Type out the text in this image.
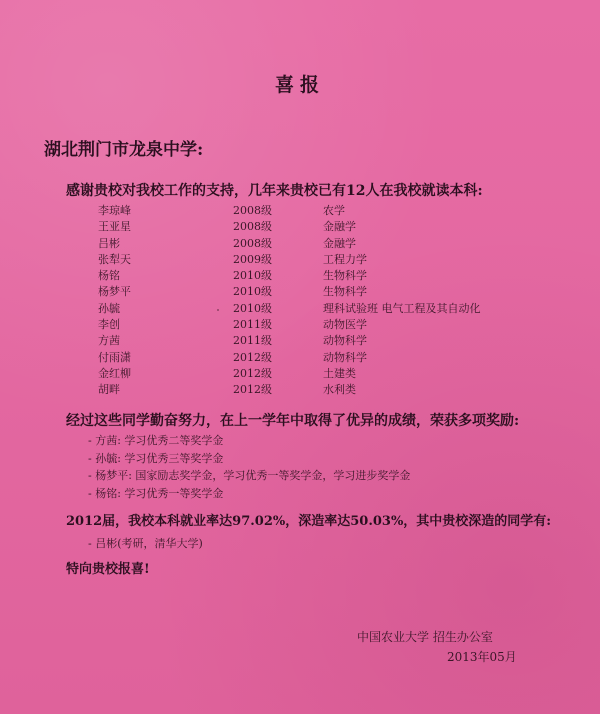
喜报
湖北荆门市龙泉中学:
感谢贵校对我校工作的支持，几年来贵校已有12人在我校就读本科:
李琼峰	2008级	农学
王亚星	2008级	金融学
吕彬	2008级	金融学
张犁天	2009级	工程力学
杨铭	2010级	生物科学
杨梦平	2010级	生物科学
孙毓	2010级	理科试验班 电气工程及其自动化
李创	2011级	动物医学
方茜	2011级	动物科学
付雨潇	2012级	动物科学
金红柳	2012级	土建类
胡畔	2012级	水利类
经过这些同学勤奋努力，在上一学年中取得了优异的成绩，荣获多项奖励:
- 方茜: 学习优秀二等奖学金
- 孙毓: 学习优秀三等奖学金
- 杨梦平: 国家励志奖学金，学习优秀一等奖学金，学习进步奖学金
- 杨铭: 学习优秀一等奖学金
2012届，我校本科就业率达97.02%，深造率达50.03%，其中贵校深造的同学有:
- 吕彬(考研，清华大学)
特向贵校报喜!
中国农业大学 招生办公室
2013年05月
